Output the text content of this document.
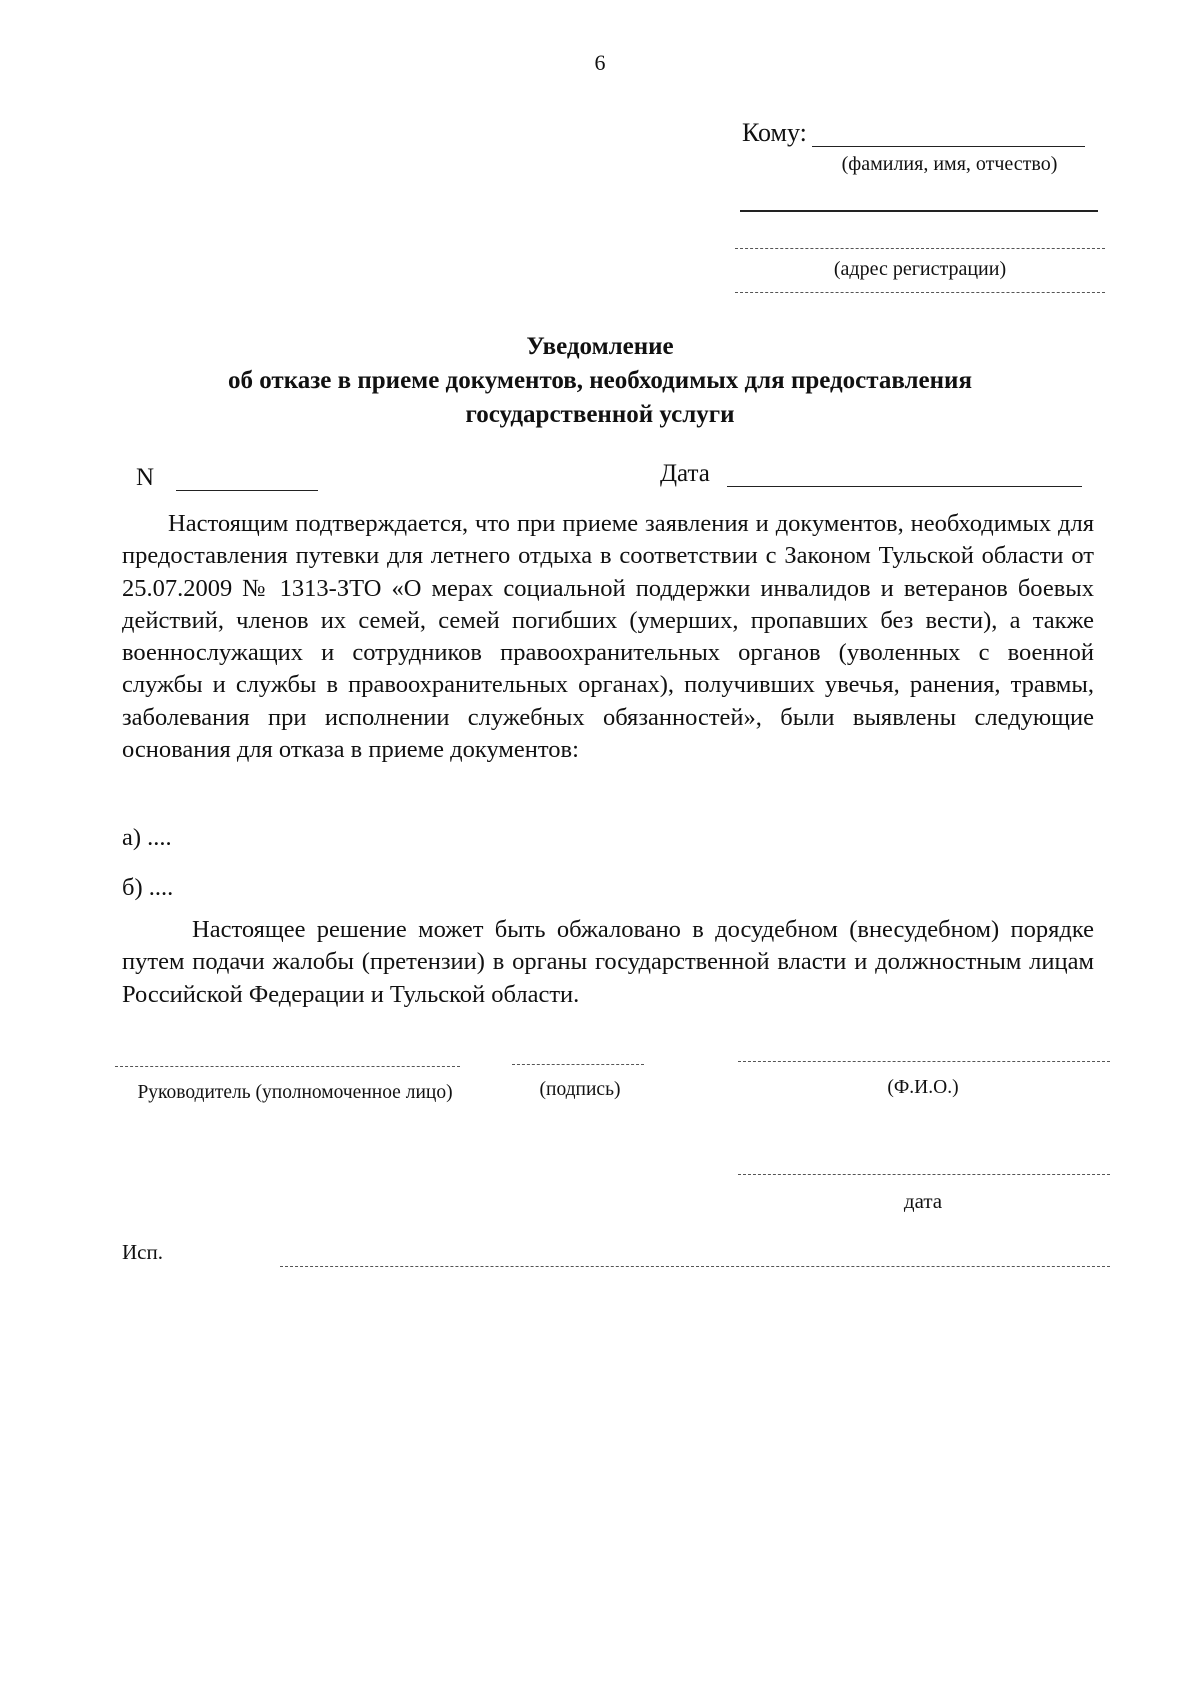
6
Кому:
(фамилия, имя, отчество)
(адрес регистрации)
Уведомление
об отказе в приеме документов, необходимых для предоставления
государственной услуги
N	Дата

Настоящим подтверждается, что при приеме заявления и документов, необходимых для предоставления путевки для летнего отдыха в соответствии с Законом Тульской области от 25.07.2009 № 1313-ЗТО «О мерах социальной поддержки инвалидов и ветеранов боевых действий, членов их семей, семей погибших (умерших, пропавших без вести), а также военнослужащих и сотрудников правоохранительных органов (уволенных с военной службы и службы в правоохранительных органах), получивших увечья, ранения, травмы, заболевания при исполнении служебных обязанностей», были выявлены следующие основания для отказа в приеме документов:

а) ....
б) ....

Настоящее решение может быть обжаловано в досудебном (внесудебном) порядке путем подачи жалобы (претензии) в органы государственной власти и должностным лицам Российской Федерации и Тульской области.

Руководитель (уполномоченное лицо)	(подпись)	(Ф.И.О.)
дата
Исп.
